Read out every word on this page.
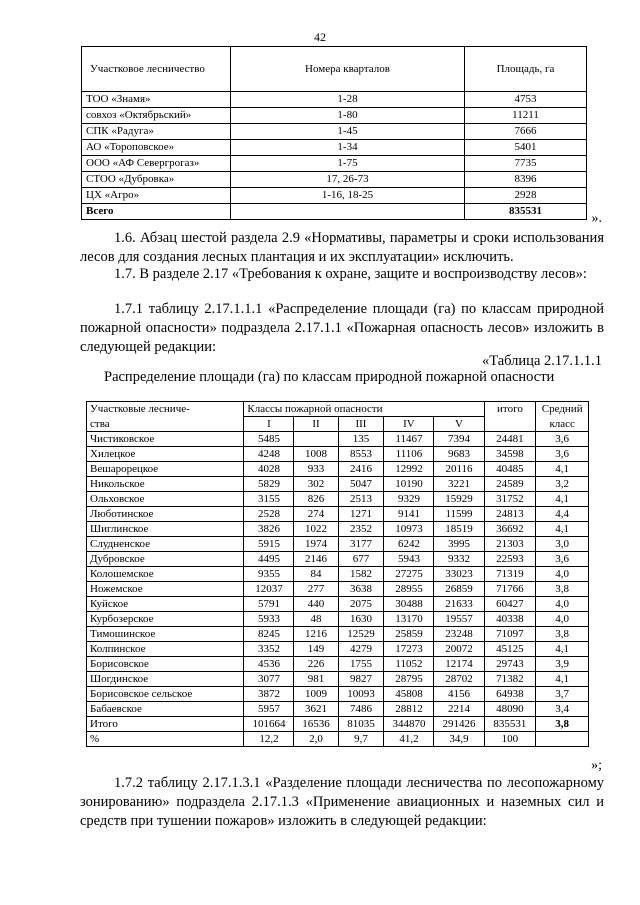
42
Участковое лесничество	Номера кварталов	Площадь, га
ТОО «Знамя»	1-28	4753
совхоз «Октябрьский»	1-80	11211
СПК «Радуга»	1-45	7666
АО «Тороповское»	1-34	5401
ООО «АФ Севергрогаз»	1-75	7735
СТОО «Дубровка»	17, 26-73	8396
ЦХ «Агро»	1-16, 18-25	2928
Всего		835531	».
1.6. Абзац шестой раздела 2.9 «Нормативы, параметры и сроки использования лесов для создания лесных плантация и их эксплуатации» исключить.
1.7. В разделе 2.17 «Требования к охране, защите и воспроизводству лесов»:
1.7.1 таблицу 2.17.1.1.1 «Распределение площади (га) по классам природной пожарной опасности» подраздела 2.17.1.1 «Пожарная опасность лесов» изложить в следующей редакции:
«Таблица 2.17.1.1.1
Распределение площади (га) по классам природной пожарной опасности
Участковые лесниче-	Классы пожарной опасности					итого	Средний
ства	I	II	III	IV	V		класс
Чистиковское	5485		135	11467	7394	24481	3,6
Хилецкое	4248	1008	8553	11106	9683	34598	3,6
Вешарорецкое	4028	933	2416	12992	20116	40485	4,1
Никольское	5829	302	5047	10190	3221	24589	3,2
Ольховское	3155	826	2513	9329	15929	31752	4,1
Люботинское	2528	274	1271	9141	11599	24813	4,4
Шиглинское	3826	1022	2352	10973	18519	36692	4,1
Слудненское	5915	1974	3177	6242	3995	21303	3,0
Дубровское	4495	2146	677	5943	9332	22593	3,6
Колошемское	9355	84	1582	27275	33023	71319	4,0
Ножемское	12037	277	3638	28955	26859	71766	3,8
Куйское	5791	440	2075	30488	21633	60427	4,0
Курбозерское	5933	48	1630	13170	19557	40338	4,0
Тимошинское	8245	1216	12529	25859	23248	71097	3,8
Колпинское	3352	149	4279	17273	20072	45125	4,1
Борисовское	4536	226	1755	11052	12174	29743	3,9
Шогдинское	3077	981	9827	28795	28702	71382	4,1
Борисовское сельское	3872	1009	10093	45808	4156	64938	3,7
Бабаевское	5957	3621	7486	28812	2214	48090	3,4
Итого	101664	16536	81035	344870	291426	835531	3,8
%	12,2	2,0	9,7	41,2	34,9	100	
»;
1.7.2 таблицу 2.17.1.3.1 «Разделение площади лесничества по лесопожарному зонированию» подраздела 2.17.1.3 «Применение авиационных и наземных сил и средств при тушении пожаров» изложить в следующей редакции:
